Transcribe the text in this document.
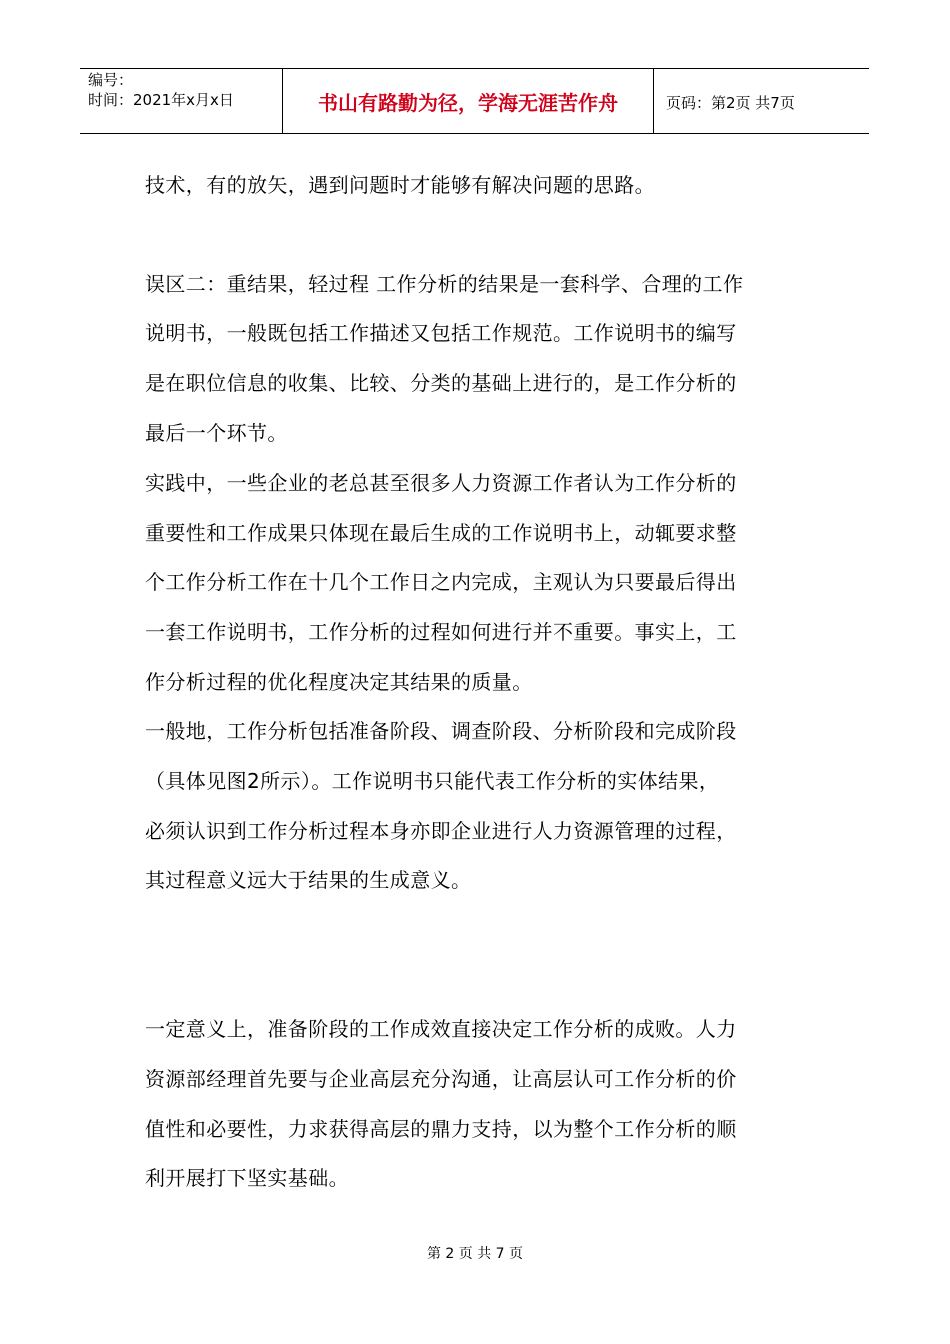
编号：
时间：2021年x月x日	书山有路勤为径，学海无涯苦作舟	页码：第2页 共7页
技术，有的放矢，遇到问题时才能够有解决问题的思路。
误区二：重结果，轻过程 工作分析的结果是一套科学、合理的工作
说明书，一般既包括工作描述又包括工作规范。工作说明书的编写
是在职位信息的收集、比较、分类的基础上进行的，是工作分析的
最后一个环节。
实践中，一些企业的老总甚至很多人力资源工作者认为工作分析的
重要性和工作成果只体现在最后生成的工作说明书上，动辄要求整
个工作分析工作在十几个工作日之内完成，主观认为只要最后得出
一套工作说明书，工作分析的过程如何进行并不重要。事实上，工
作分析过程的优化程度决定其结果的质量。
一般地，工作分析包括准备阶段、调查阶段、分析阶段和完成阶段
（具体见图2所示）。工作说明书只能代表工作分析的实体结果，
必须认识到工作分析过程本身亦即企业进行人力资源管理的过程，
其过程意义远大于结果的生成意义。
一定意义上，准备阶段的工作成效直接决定工作分析的成败。人力
资源部经理首先要与企业高层充分沟通，让高层认可工作分析的价
值性和必要性，力求获得高层的鼎力支持，以为整个工作分析的顺
利开展打下坚实基础。
第 2 页 共 7 页
